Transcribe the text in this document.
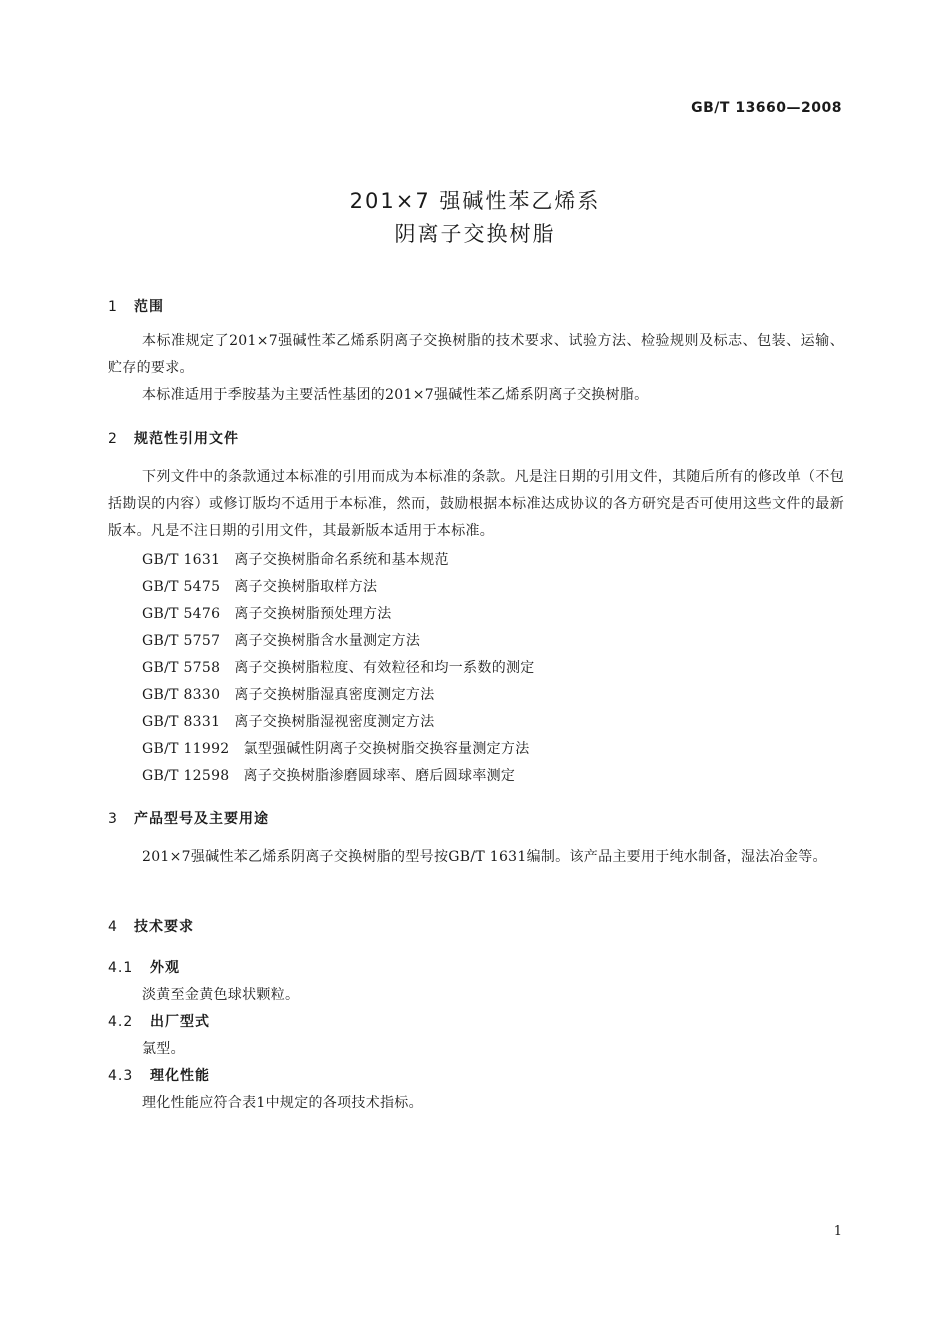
GB/T 13660—2008
201×7 强碱性苯乙烯系
阴离子交换树脂
1 范围
本标准规定了201×7强碱性苯乙烯系阴离子交换树脂的技术要求、试验方法、检验规则及标志、包装、运输、贮存的要求。
本标准适用于季胺基为主要活性基团的201×7强碱性苯乙烯系阴离子交换树脂。
2 规范性引用文件
下列文件中的条款通过本标准的引用而成为本标准的条款。凡是注日期的引用文件，其随后所有的修改单（不包括勘误的内容）或修订版均不适用于本标准，然而，鼓励根据本标准达成协议的各方研究是否可使用这些文件的最新版本。凡是不注日期的引用文件，其最新版本适用于本标准。
GB/T 1631 离子交换树脂命名系统和基本规范
GB/T 5475 离子交换树脂取样方法
GB/T 5476 离子交换树脂预处理方法
GB/T 5757 离子交换树脂含水量测定方法
GB/T 5758 离子交换树脂粒度、有效粒径和均一系数的测定
GB/T 8330 离子交换树脂湿真密度测定方法
GB/T 8331 离子交换树脂湿视密度测定方法
GB/T 11992 氯型强碱性阴离子交换树脂交换容量测定方法
GB/T 12598 离子交换树脂渗磨圆球率、磨后圆球率测定
3 产品型号及主要用途
201×7强碱性苯乙烯系阴离子交换树脂的型号按GB/T 1631编制。该产品主要用于纯水制备，湿法冶金等。
4 技术要求
4.1 外观
淡黄至金黄色球状颗粒。
4.2 出厂型式
氯型。
4.3 理化性能
理化性能应符合表1中规定的各项技术指标。
1
